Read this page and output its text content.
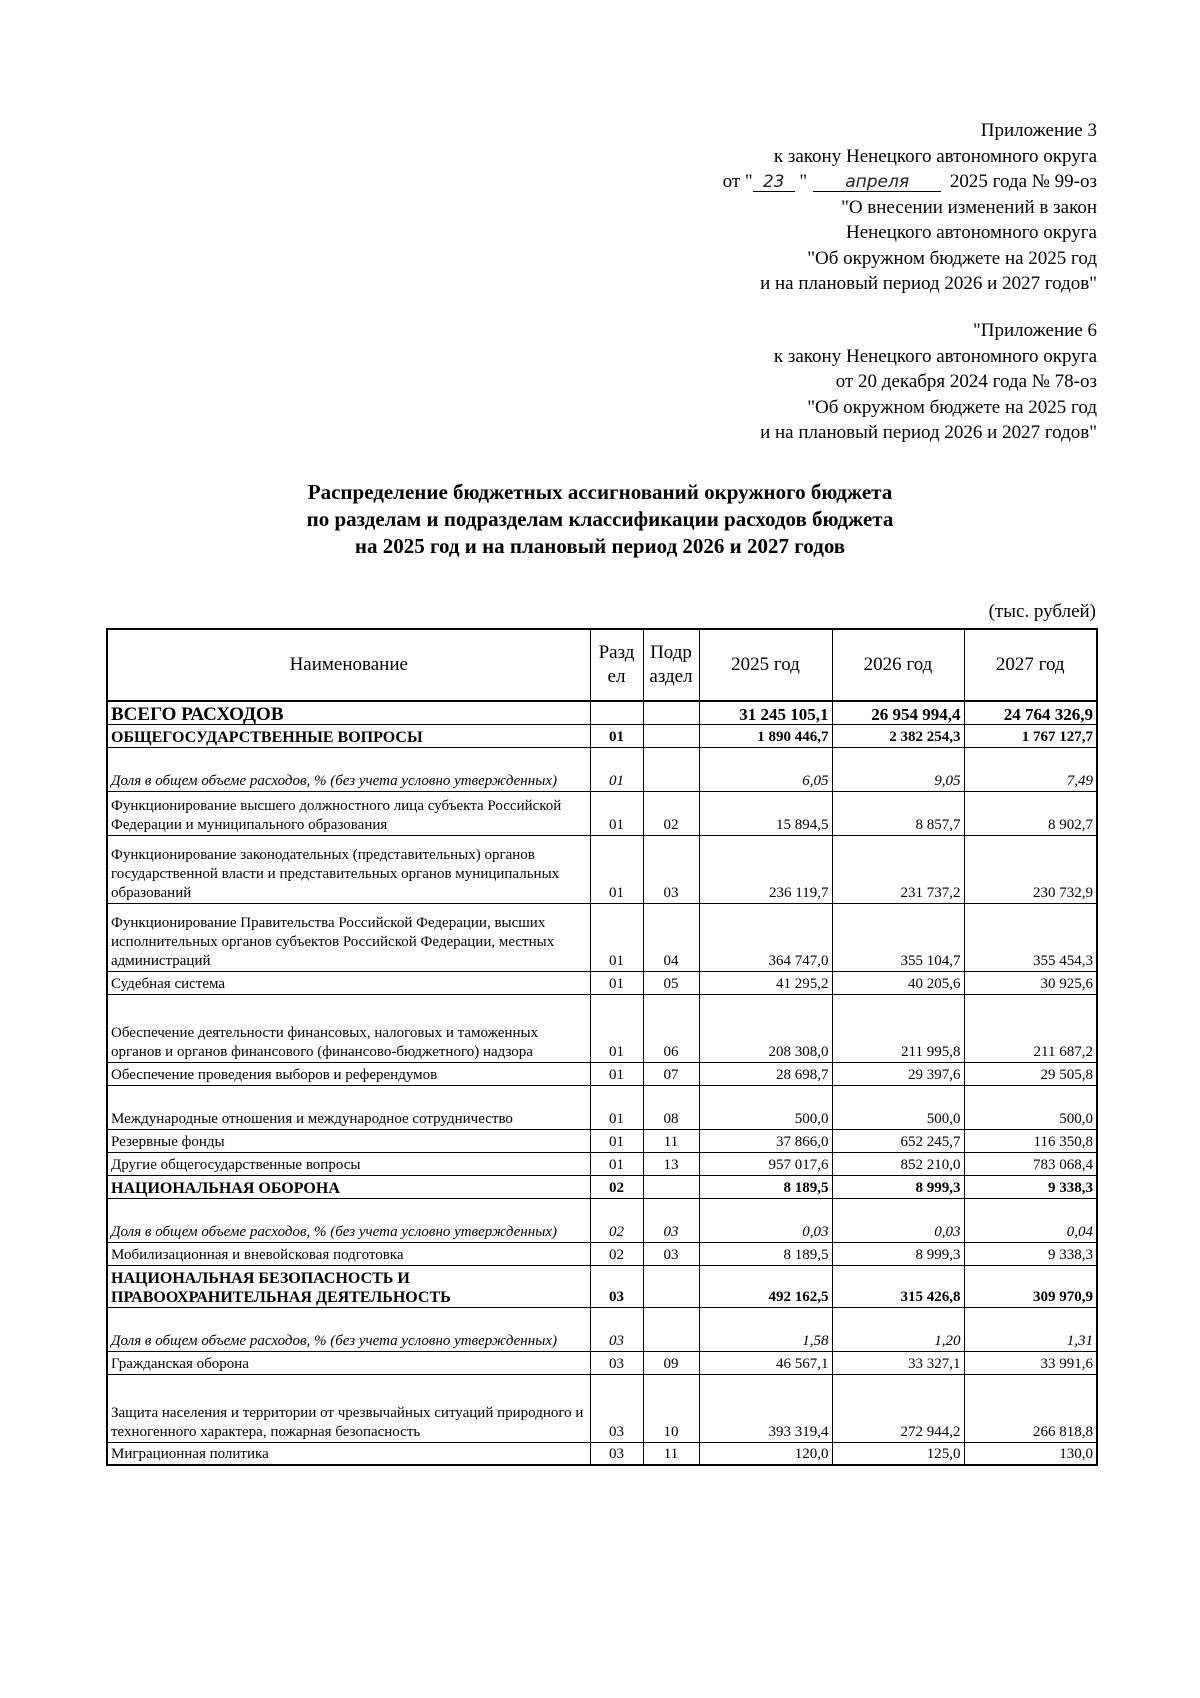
Приложение 3
к закону Ненецкого автономного округа
от " 23 " апреля 2025 года № 99-оз
"О внесении изменений в закон
Ненецкого автономного округа
"Об окружном бюджете на 2025 год
и на плановый период 2026 и 2027 годов"
"Приложение 6
к закону Ненецкого автономного округа
от 20 декабря 2024 года № 78-оз
"Об окружном бюджете на 2025 год
и на плановый период 2026 и 2027 годов"
Распределение бюджетных ассигнований окружного бюджета
по разделам и подразделам классификации расходов бюджета
на 2025 год и на плановый период 2026 и 2027 годов
(тыс. рублей)
Наименование	Разд ел	Подр аздел	2025 год	2026 год	2027 год
ВСЕГО РАСХОДОВ			31 245 105,1	26 954 994,4	24 764 326,9
ОБЩЕГОСУДАРСТВЕННЫЕ ВОПРОСЫ	01		1 890 446,7	2 382 254,3	1 767 127,7
Доля в общем объеме расходов, % (без учета условно утвержденных)	01		6,05	9,05	7,49
Функционирование высшего должностного лица субъекта Российской Федерации и муниципального образования	01	02	15 894,5	8 857,7	8 902,7
Функционирование законодательных (представительных) органов государственной власти и представительных органов муниципальных образований	01	03	236 119,7	231 737,2	230 732,9
Функционирование Правительства Российской Федерации, высших исполнительных органов субъектов Российской Федерации, местных администраций	01	04	364 747,0	355 104,7	355 454,3
Судебная система	01	05	41 295,2	40 205,6	30 925,6
Обеспечение деятельности финансовых, налоговых и таможенных органов и органов финансового (финансово-бюджетного) надзора	01	06	208 308,0	211 995,8	211 687,2
Обеспечение проведения выборов и референдумов	01	07	28 698,7	29 397,6	29 505,8
Международные отношения и международное сотрудничество	01	08	500,0	500,0	500,0
Резервные фонды	01	11	37 866,0	652 245,7	116 350,8
Другие общегосударственные вопросы	01	13	957 017,6	852 210,0	783 068,4
НАЦИОНАЛЬНАЯ ОБОРОНА	02		8 189,5	8 999,3	9 338,3
Доля в общем объеме расходов, % (без учета условно утвержденных)	02	03	0,03	0,03	0,04
Мобилизационная и вневойсковая подготовка	02	03	8 189,5	8 999,3	9 338,3
НАЦИОНАЛЬНАЯ БЕЗОПАСНОСТЬ И ПРАВООХРАНИТЕЛЬНАЯ ДЕЯТЕЛЬНОСТЬ	03		492 162,5	315 426,8	309 970,9
Доля в общем объеме расходов, % (без учета условно утвержденных)	03		1,58	1,20	1,31
Гражданская оборона	03	09	46 567,1	33 327,1	33 991,6
Защита населения и территории от чрезвычайных ситуаций природного и техногенного характера, пожарная безопасность	03	10	393 319,4	272 944,2	266 818,8
Миграционная политика	03	11	120,0	125,0	130,0
